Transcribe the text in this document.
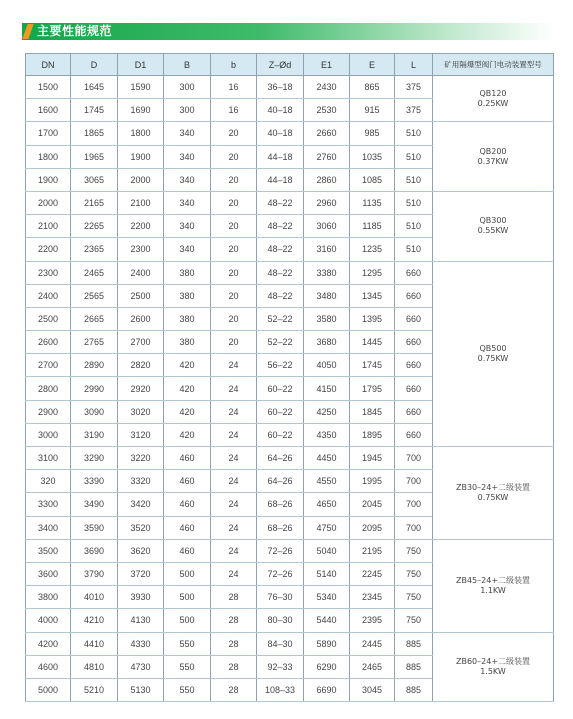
主要性能规范
DN	D	D1	B	b	Z–Ød	E1	E	L	矿用隔爆型阀门电动装置型号
1500	1645	1590	300	16	36–18	2430	865	375	QB120
0.25KW

1600	1745	1690	300	16	40–18	2530	915	375	
1700	1865	1800	340	20	40–18	2660	985	510	QB200
0.37KW

1800	1965	1900	340	20	44–18	2760	1035	510	
1900	3065	2000	340	20	44–18	2860	1085	510	
2000	2165	2100	340	20	48–22	2960	1135	510	QB300
0.55KW

2100	2265	2200	340	20	48–22	3060	1185	510	
2200	2365	2300	340	20	48–22	3160	1235	510	
2300	2465	2400	380	20	48–22	3380	1295	660	QB500
0.75KW

2400	2565	2500	380	20	48–22	3480	1345	660	
2500	2665	2600	380	20	52–22	3580	1395	660	
2600	2765	2700	380	20	52–22	3680	1445	660	
2700	2890	2820	420	24	56–22	4050	1745	660	
2800	2990	2920	420	24	60–22	4150	1795	660	
2900	3090	3020	420	24	60–22	4250	1845	660	
3000	3190	3120	420	24	60–22	4350	1895	660	
3100	3290	3220	460	24	64–26	4450	1945	700	ZB30–24+二级装置
0.75KW

320	3390	3320	460	24	64–26	4550	1995	700	
3300	3490	3420	460	24	68–26	4650	2045	700	
3400	3590	3520	460	24	68–26	4750	2095	700	
3500	3690	3620	460	24	72–26	5040	2195	750	ZB45–24+二级装置
1.1KW

3600	3790	3720	500	24	72–26	5140	2245	750	
3800	4010	3930	500	28	76–30	5340	2345	750	
4000	4210	4130	500	28	80–30	5440	2395	750	
4200	4410	4330	550	28	84–30	5890	2445	885	ZB60–24+二级装置
1.5KW

4600	4810	4730	550	28	92–33	6290	2465	885	
5000	5210	5130	550	28	108–33	6690	3045	885	
